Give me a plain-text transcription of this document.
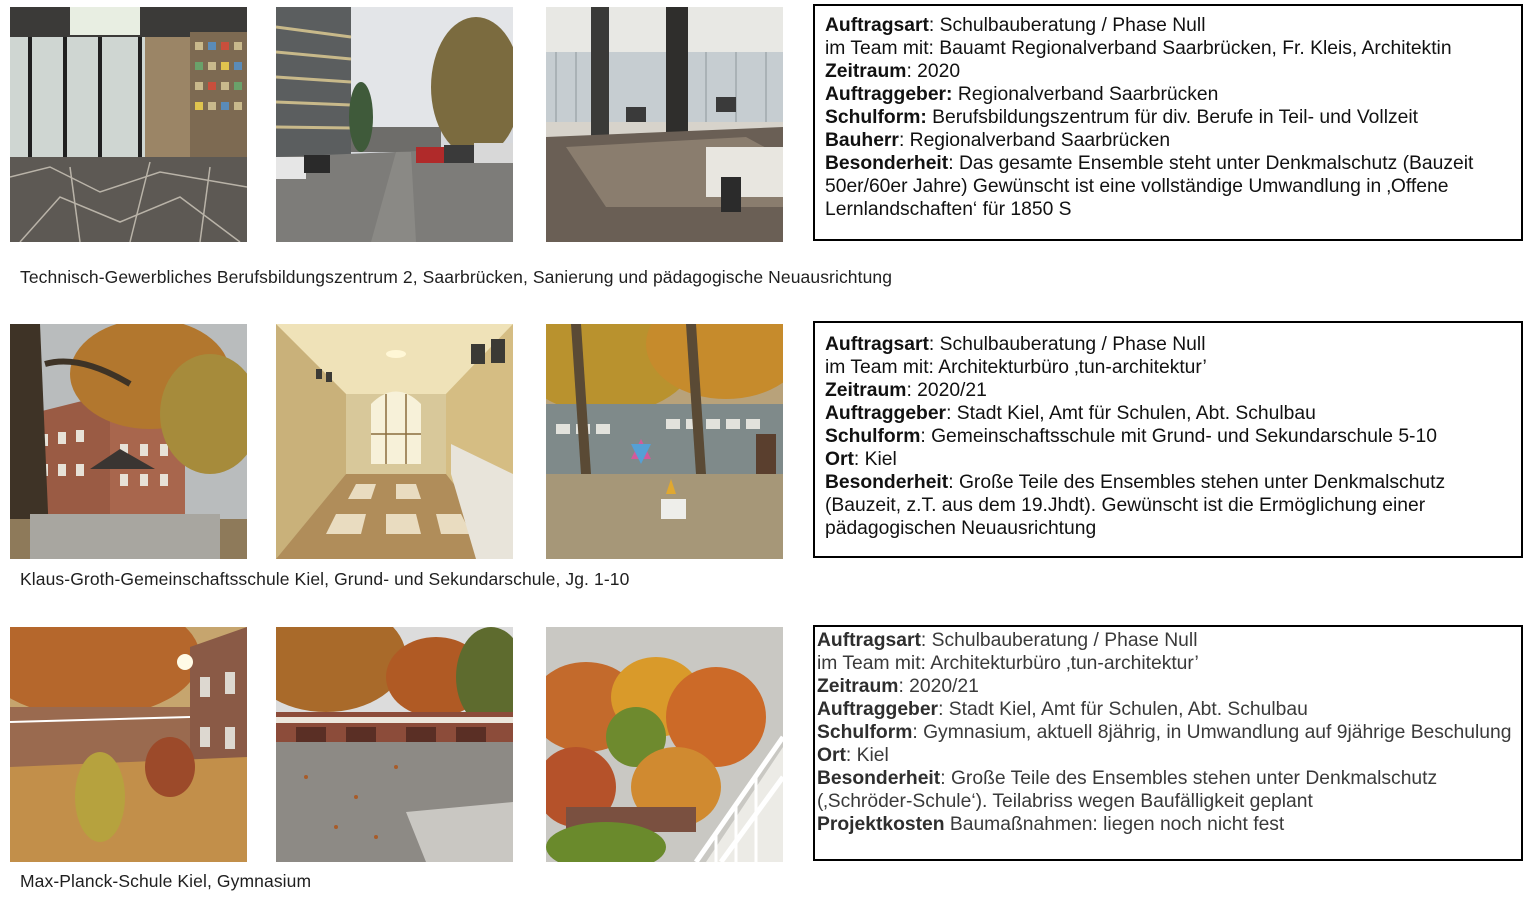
Auftragsart: Schulbauberatung / Phase Null
im Team mit: Bauamt Regionalverband Saarbrücken, Fr. Kleis, Architektin
Zeitraum: 2020
Auftraggeber: Regionalverband Saarbrücken
Schulform: Berufsbildungszentrum für div. Berufe in Teil- und Vollzeit
Bauherr: Regionalverband Saarbrücken
Besonderheit: Das gesamte Ensemble steht unter Denkmalschutz (Bauzeit 50er/60er Jahre) Gewünscht ist eine vollständige Umwandlung in ‚Offene Lernlandschaften‘ für 1850 S
Technisch-Gewerbliches Berufsbildungszentrum 2, Saarbrücken, Sanierung und pädagogische Neuausrichtung
Auftragsart: Schulbauberatung / Phase Null
im Team mit: Architekturbüro ‚tun-architektur’
Zeitraum: 2020/21
Auftraggeber: Stadt Kiel, Amt für Schulen, Abt. Schulbau
Schulform: Gemeinschaftsschule mit Grund- und Sekundarschule 5-10
Ort: Kiel
Besonderheit: Große Teile des Ensembles stehen unter Denkmalschutz (Bauzeit, z.T. aus dem 19.Jhdt). Gewünscht ist die Ermöglichung einer pädagogischen Neuausrichtung
Klaus-Groth-Gemeinschaftsschule Kiel, Grund- und Sekundarschule, Jg. 1-10
Auftragsart: Schulbauberatung / Phase Null
im Team mit: Architekturbüro ‚tun-architektur’
Zeitraum: 2020/21
Auftraggeber: Stadt Kiel, Amt für Schulen, Abt. Schulbau
Schulform: Gymnasium, aktuell 8jährig, in Umwandlung auf 9jährige Beschulung
Ort: Kiel
Besonderheit: Große Teile des Ensembles stehen unter Denkmalschutz (‚Schröder-Schule‘). Teilabriss wegen Baufälligkeit geplant
Projektkosten Baumaßnahmen: liegen noch nicht fest
Max-Planck-Schule Kiel, Gymnasium
